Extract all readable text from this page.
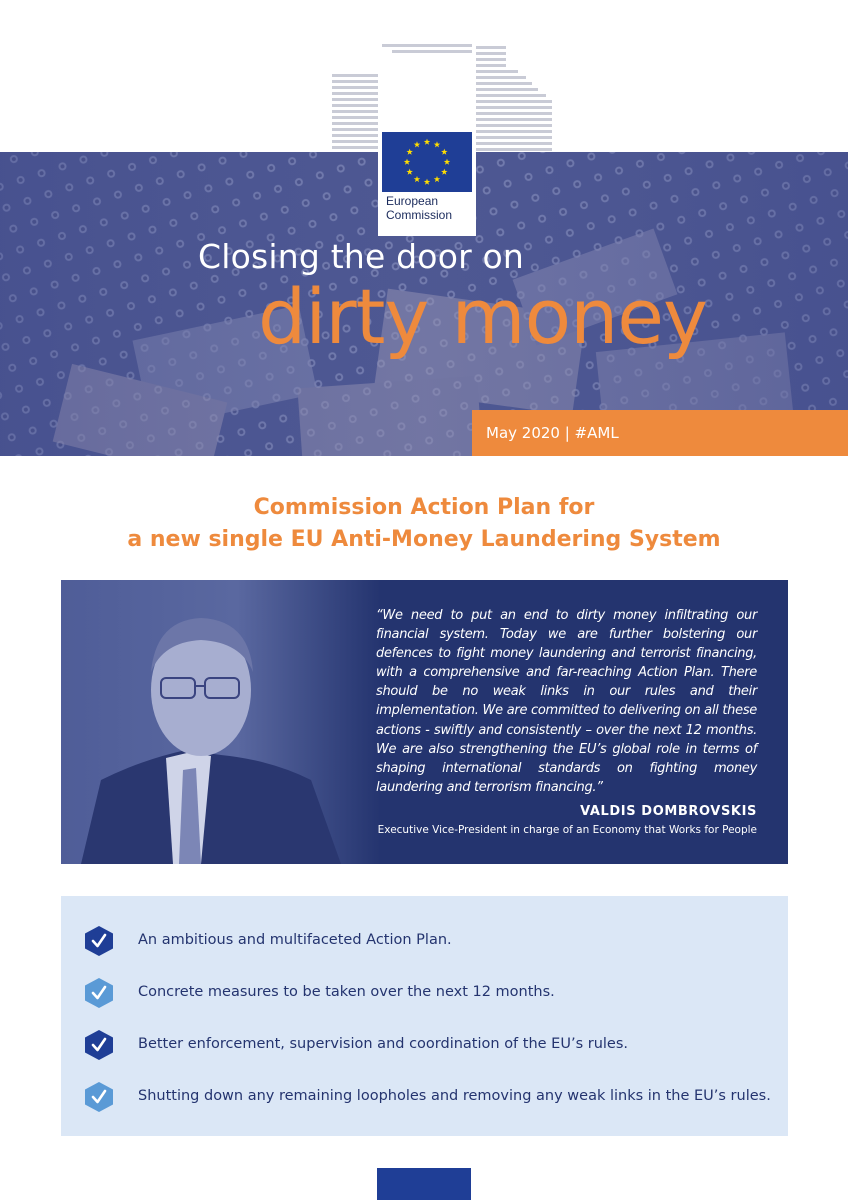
European
Commission
Closing the door on
dirty money
May 2020 | #AML
Commission Action Plan for
a new single EU Anti-Money Laundering System
“We need to put an end to dirty money infiltrating our financial system. Today we are further bolstering our defences to fight money laundering and terrorist financing, with a comprehensive and far-reaching Action Plan. There should be no weak links in our rules and their implementation. We are committed to delivering on all these actions - swiftly and consistently – over the next 12 months. We are also strengthening the EU’s global role in terms of shaping international standards on fighting money laundering and terrorism financing.”
VALDIS DOMBROVSKIS
Executive Vice-President in charge of an Economy that Works for People
An ambitious and multifaceted Action Plan.
Concrete measures to be taken over the next 12 months.
Better enforcement, supervision and coordination of the EU’s rules.
Shutting down any remaining loopholes and removing any weak links in the EU’s rules.
